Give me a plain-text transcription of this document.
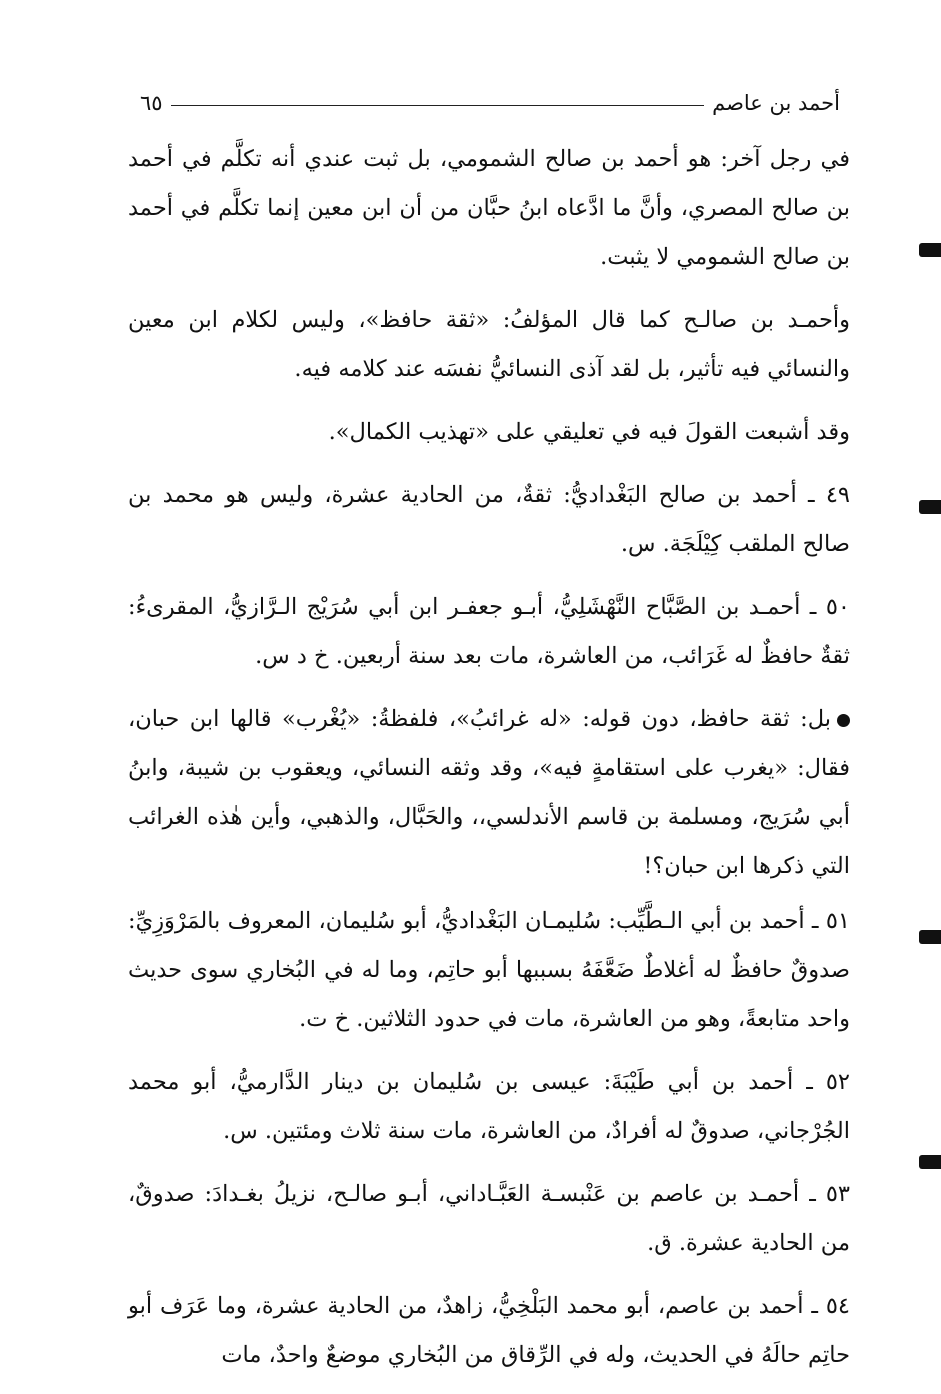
أحمد بن عاصم
٦٥

في رجل آخر: هو أحمد بن صالح الشمومي، بل ثبت عندي أنه تكلَّم في أحمد بن صالح المصري، وأنَّ ما ادَّعاه ابنُ حبَّان من أن ابن معين إنما تكلَّم في أحمد بن صالح الشمومي لا يثبت.

وأحمـد بن صالـح كما قال المؤلفُ: «ثقة حافظ»، وليس لكلام ابن معين والنسائي فيه تأثير، بل لقد آذى النسائيُّ نفسَه عند كلامه فيه.

وقد أشبعت القولَ فيه في تعليقي على «تهذيب الكمال».

٤٩ ـ أحمد بن صالح البَغْداديُّ: ثقةٌ، من الحادية عشرة، وليس هو محمد بن صالح الملقب كِيْلَجَة. س.

٥٠ ـ أحمـد بن الصَّبَّاح النَّهْشَلِيُّ، أبـو جعفـر ابن أبي سُرَيْج الـرَّازيُّ، المقرىءُ: ثقةٌ حافظٌ له غَرَائب، من العاشرة، مات بعد سنة أربعين. خ د س.

بل: ثقة حافظ، دون قوله: «له غرائبُ»، فلفظةُ: «يُغْرب» قالها ابن حبان، فقال: «يغرب على استقامةٍ فيه»، وقد وثقه النسائي، ويعقوب بن شيبة، وابنُ أبي سُرَيج، ومسلمة بن قاسم الأندلسي،، والحَبَّال، والذهبي، وأين هٰذه الغرائب التي ذكرها ابن حبان؟!

٥١ ـ أحمد بن أبي الـطَّيِّب: سُليمـان البَغْداديُّ، أبو سُليمان، المعروف بالمَرْوَزِيِّ: صدوقٌ حافظٌ له أغلاطٌ ضَعَّفَهُ بسببها أبو حاتِم، وما له في البُخاري سوى حديث واحد متابعةً، وهو من العاشرة، مات في حدود الثلاثين. خ ت.

٥٢ ـ أحمد بن أبي طَيْبَةَ: عيسى بن سُليمان بن دينار الدَّارميُّ، أبو محمد الجُرْجاني، صدوقٌ له أفرادٌ، من العاشرة، مات سنة ثلاث ومئتين. س.

٥٣ ـ أحمـد بن عاصم بن عَنْبسـة العَبَّـاداني، أبـو صالـح، نزيلُ بغـدادَ: صدوقٌ، من الحادية عشرة. ق.

٥٤ ـ أحمد بن عاصم، أبو محمد البَلْخِيُّ، زاهدٌ، من الحادية عشرة، وما عَرَف أبو حاتِم حالَهُ في الحديث، وله في الرِّقاق من البُخاري موضعٌ واحدٌ، مات
